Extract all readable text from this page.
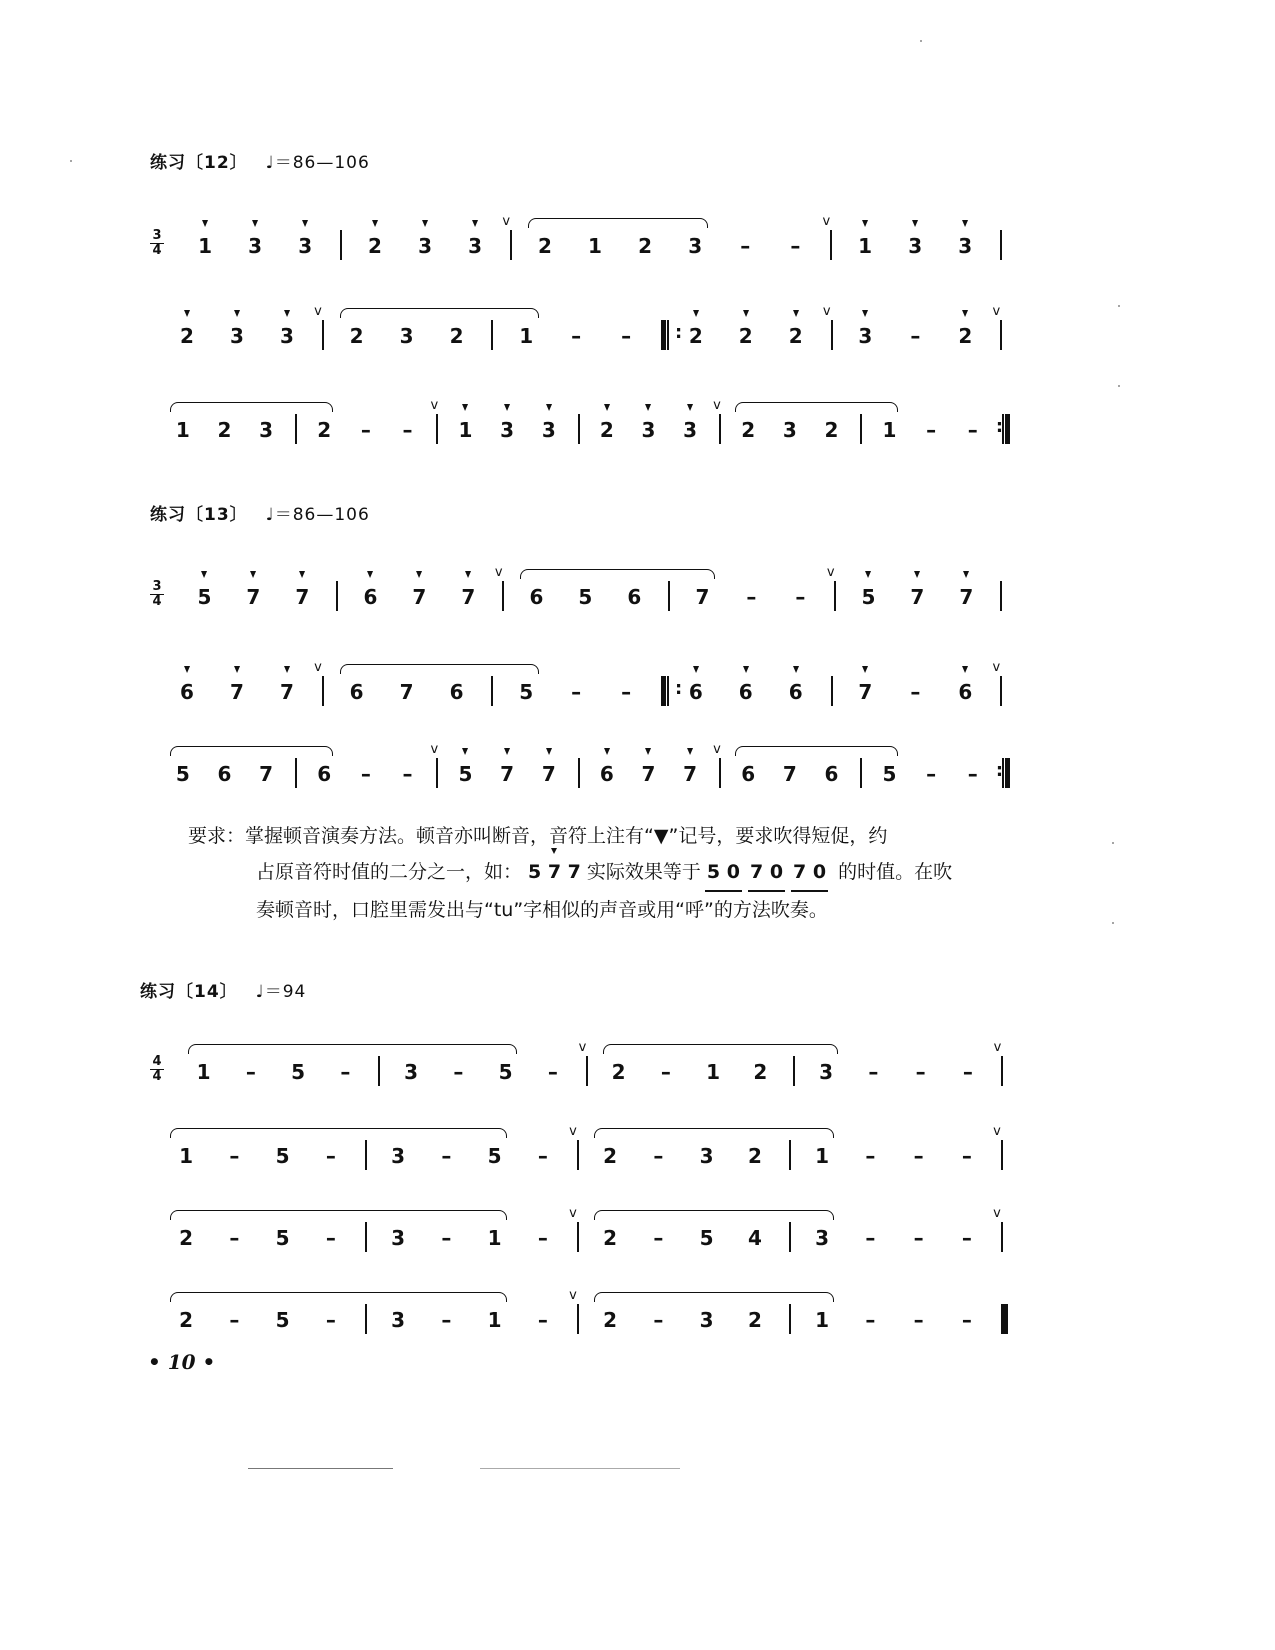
练习〔12〕 ♩＝86—106
$\frac{3}{4} 1$ 3 3	2 3 3
v
2 1 2 3 – –
v
1 3 3
2 3 3
v
2 3 2	1 – – :	2 2 2
v
3 – 2
v
1 2 3 2 – –
v
1 3 3 2 3 3
v
2 3 2 1 – –
:
练习〔13〕 ♩＝86—106
$\frac{3}{4} 5$ 7 7	6 7 7
v
6 5 6	7 – –
v
5 7 7
6 7 7
v
6 7 6	5 – – :	6 6 6	7 – 6
v
5 6 7 6 – –
v
5 7 7 6 7 7
v
6 7 6 5 – –
:

要求：掌握顿音演奏方法。顿音亦叫断音，音符上注有“▼”记号，要求吹得短促，约

占原音符时值的二分之一，如： 5 7 7 实际效果等于 5 0 7 0 7 0 的时值。在吹

奏顿音时，口腔里需发出与“tu”字相似的声音或用“呼”的方法吹奏。

练习〔14〕 ♩＝94
$\frac{4}{4} 1 - 5$ –	3 – 5 –
v
2 – 1 2	3 – – –
v
1 – 5 –	3 – 5 –
v
2 – 3 2	1 – – –
v
2 – 5 –	3 – 1 –
v
2 – 5 4	3 – – –
v
2 – 5 –	3 – 1 –
v
2 – 3 2	1 – – –
• 10 •
